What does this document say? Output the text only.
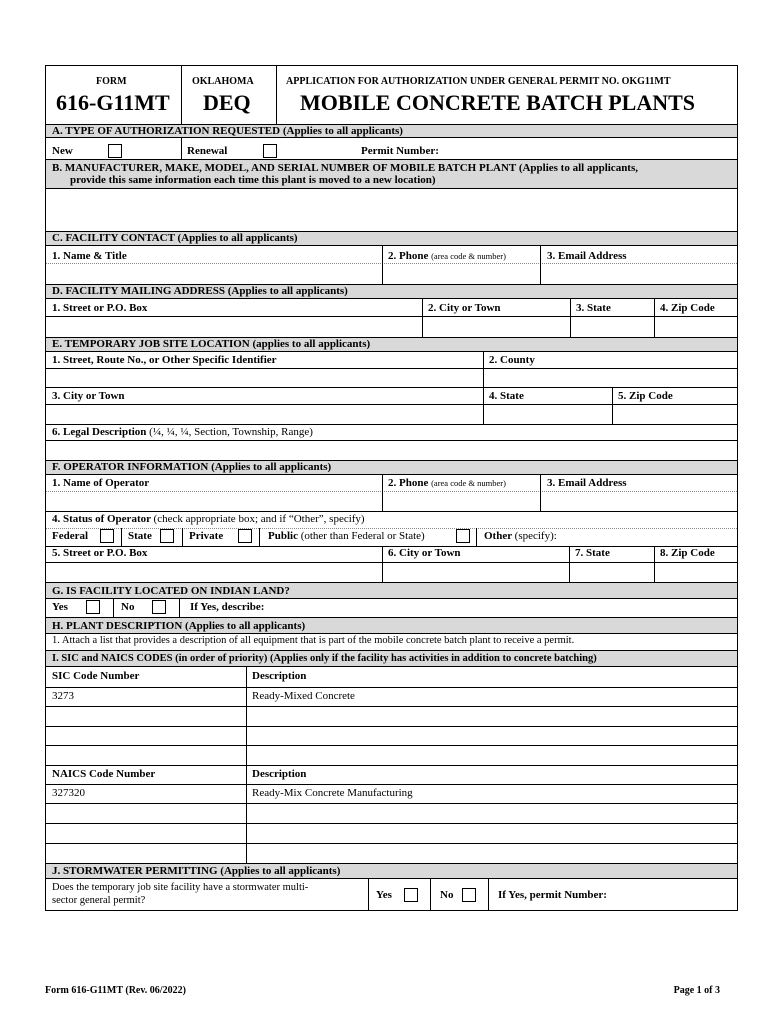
FORM
616-G11MT
OKLAHOMA
DEQ
APPLICATION FOR AUTHORIZATION UNDER GENERAL PERMIT NO. OKG11MT
MOBILE CONCRETE BATCH PLANTS
A. TYPE OF AUTHORIZATION REQUESTED (Applies to all applicants)
New	Renewal	Permit Number:
B. MANUFACTURER, MAKE, MODEL, AND SERIAL NUMBER OF MOBILE BATCH PLANT (Applies to all applicants,
provide this same information each time this plant is moved to a new location)
C. FACILITY CONTACT (Applies to all applicants)
1. Name & Title	2. Phone (area code & number)	3. Email Address
D. FACILITY MAILING ADDRESS (Applies to all applicants)
1. Street or P.O. Box	2. City or Town	3. State	4. Zip Code
E. TEMPORARY JOB SITE LOCATION (applies to all applicants)
1. Street, Route No., or Other Specific Identifier	2. County
3. City or Town	4. State	5. Zip Code
6. Legal Description (¼, ¼, ¼, Section, Township, Range)
F. OPERATOR INFORMATION (Applies to all applicants)
1. Name of Operator	2. Phone (area code & number)	3. Email Address
4. Status of Operator (check appropriate box; and if “Other”, specify)
Federal	State	Private	Public (other than Federal or State)	Other (specify):
5. Street or P.O. Box	6. City or Town	7. State	8. Zip Code
G. IS FACILITY LOCATED ON INDIAN LAND?
Yes	No	If Yes, describe:
H. PLANT DESCRIPTION (Applies to all applicants)
1. Attach a list that provides a description of all equipment that is part of the mobile concrete batch plant to receive a permit.
I. SIC and NAICS CODES (in order of priority) (Applies only if the facility has activities in addition to concrete batching)
SIC Code Number	Description
3273	Ready-Mixed Concrete
NAICS Code Number	Description
327320	Ready-Mix Concrete Manufacturing
J. STORMWATER PERMITTING (Applies to all applicants)
Does the temporary job site facility have a stormwater multi-
sector general permit?	Yes	No	If Yes, permit Number:
Form 616-G11MT (Rev. 06/2022)	Page 1 of 3
